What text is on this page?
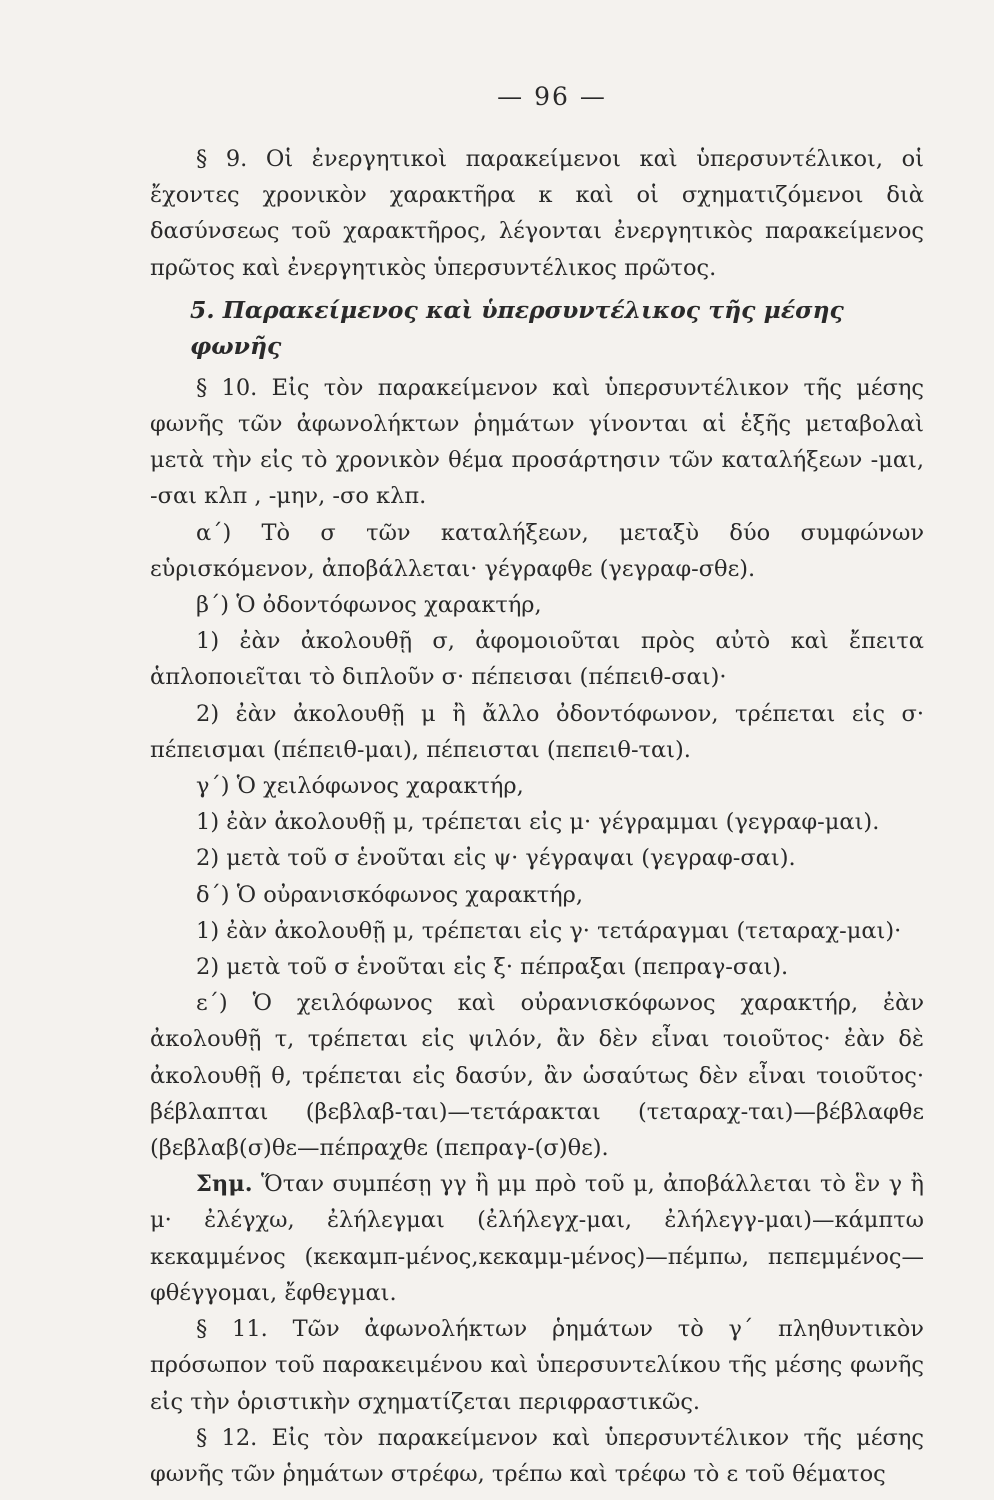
— 96 —

§ 9. Οἱ ἐνεργητικοὶ παρακείμενοι καὶ ὑπερσυντέλικοι, οἱ ἔχοντες χρονικὸν χαρακτῆρα κ καὶ οἱ σχηματιζόμενοι διὰ δασύνσεως τοῦ χαρακτῆρος, λέγονται ἐνεργητικὸς παρακείμενος πρῶτος καὶ ἐνεργητικὸς ὑπερσυντέλικος πρῶτος.

5. Παρακείμενος καὶ ὑπερσυντέλικος τῆς μέσης φωνῆς

§ 10. Εἰς τὸν παρακείμενον καὶ ὑπερσυντέλικον τῆς μέσης φωνῆς τῶν ἀφωνολήκτων ῥημάτων γίνονται αἱ ἑξῆς μεταβολαὶ μετὰ τὴν εἰς τὸ χρονικὸν θέμα προσάρτησιν τῶν καταλήξεων -μαι, -σαι κλπ , -μην, -σο κλπ.

α΄) Τὸ σ τῶν καταλήξεων, μεταξὺ δύο συμφώνων εὑρισκόμενον, ἀποβάλλεται· γέγραφθε (γεγραφ-σθε).

β΄) Ὁ ὀδοντόφωνος χαρακτήρ,

1) ἐὰν ἀκολουθῇ σ, ἀφομοιοῦται πρὸς αὐτὸ καὶ ἔπειτα ἁπλοποιεῖται τὸ διπλοῦν σ· πέπεισαι (πέπειθ-σαι)·

2) ἐὰν ἀκολουθῇ μ ἢ ἄλλο ὀδοντόφωνον, τρέπεται εἰς σ· πέπεισμαι (πέπειθ-μαι), πέπεισται (πεπειθ-ται).

γ΄) Ὁ χειλόφωνος χαρακτήρ,

1) ἐὰν ἀκολουθῇ μ, τρέπεται εἰς μ· γέγραμμαι (γεγραφ-μαι).

2) μετὰ τοῦ σ ἑνοῦται εἰς ψ· γέγραψαι (γεγραφ-σαι).

δ΄) Ὁ οὐρανισκόφωνος χαρακτήρ,

1) ἐὰν ἀκολουθῇ μ, τρέπεται εἰς γ· τετάραγμαι (τεταραχ-μαι)·

2) μετὰ τοῦ σ ἑνοῦται εἰς ξ· πέπραξαι (πεπραγ-σαι).

ε΄) Ὁ χειλόφωνος καὶ οὐρανισκόφωνος χαρακτήρ, ἐὰν ἀκολουθῇ τ, τρέπεται εἰς ψιλόν, ἂν δὲν εἶναι τοιοῦτος· ἐὰν δὲ ἀκολουθῇ θ, τρέπεται εἰς δασύν, ἂν ὡσαύτως δὲν εἶναι τοιοῦτος· βέβλαπται (βεβλαβ-ται)—τετάρακται (τεταραχ-ται)—βέβλαφθε (βεβλαβ(σ)θε—πέπραχθε (πεπραγ-(σ)θε).

Σημ. Ὅταν συμπέσῃ γγ ἢ μμ πρὸ τοῦ μ, ἀποβάλλεται τὸ ἓν γ ἢ μ· ἐλέγχω, ἐλήλεγμαι (ἐλήλεγχ-μαι, ἐλήλεγγ-μαι)—κάμπτω κεκαμμένος (κεκαμπ-μένος,κεκαμμ-μένος)—πέμπω, πεπεμμένος—φθέγγομαι, ἔφθεγμαι.

§ 11. Τῶν ἀφωνολήκτων ῥημάτων τὸ γ΄ πληθυντικὸν πρόσωπον τοῦ παρακειμένου καὶ ὑπερσυντελίκου τῆς μέσης φωνῆς εἰς τὴν ὁριστικὴν σχηματίζεται περιφραστικῶς.

§ 12. Εἰς τὸν παρακείμενον καὶ ὑπερσυντέλικον τῆς μέσης φωνῆς τῶν ῥημάτων στρέφω, τρέπω καὶ τρέφω τὸ ε τοῦ θέματος
